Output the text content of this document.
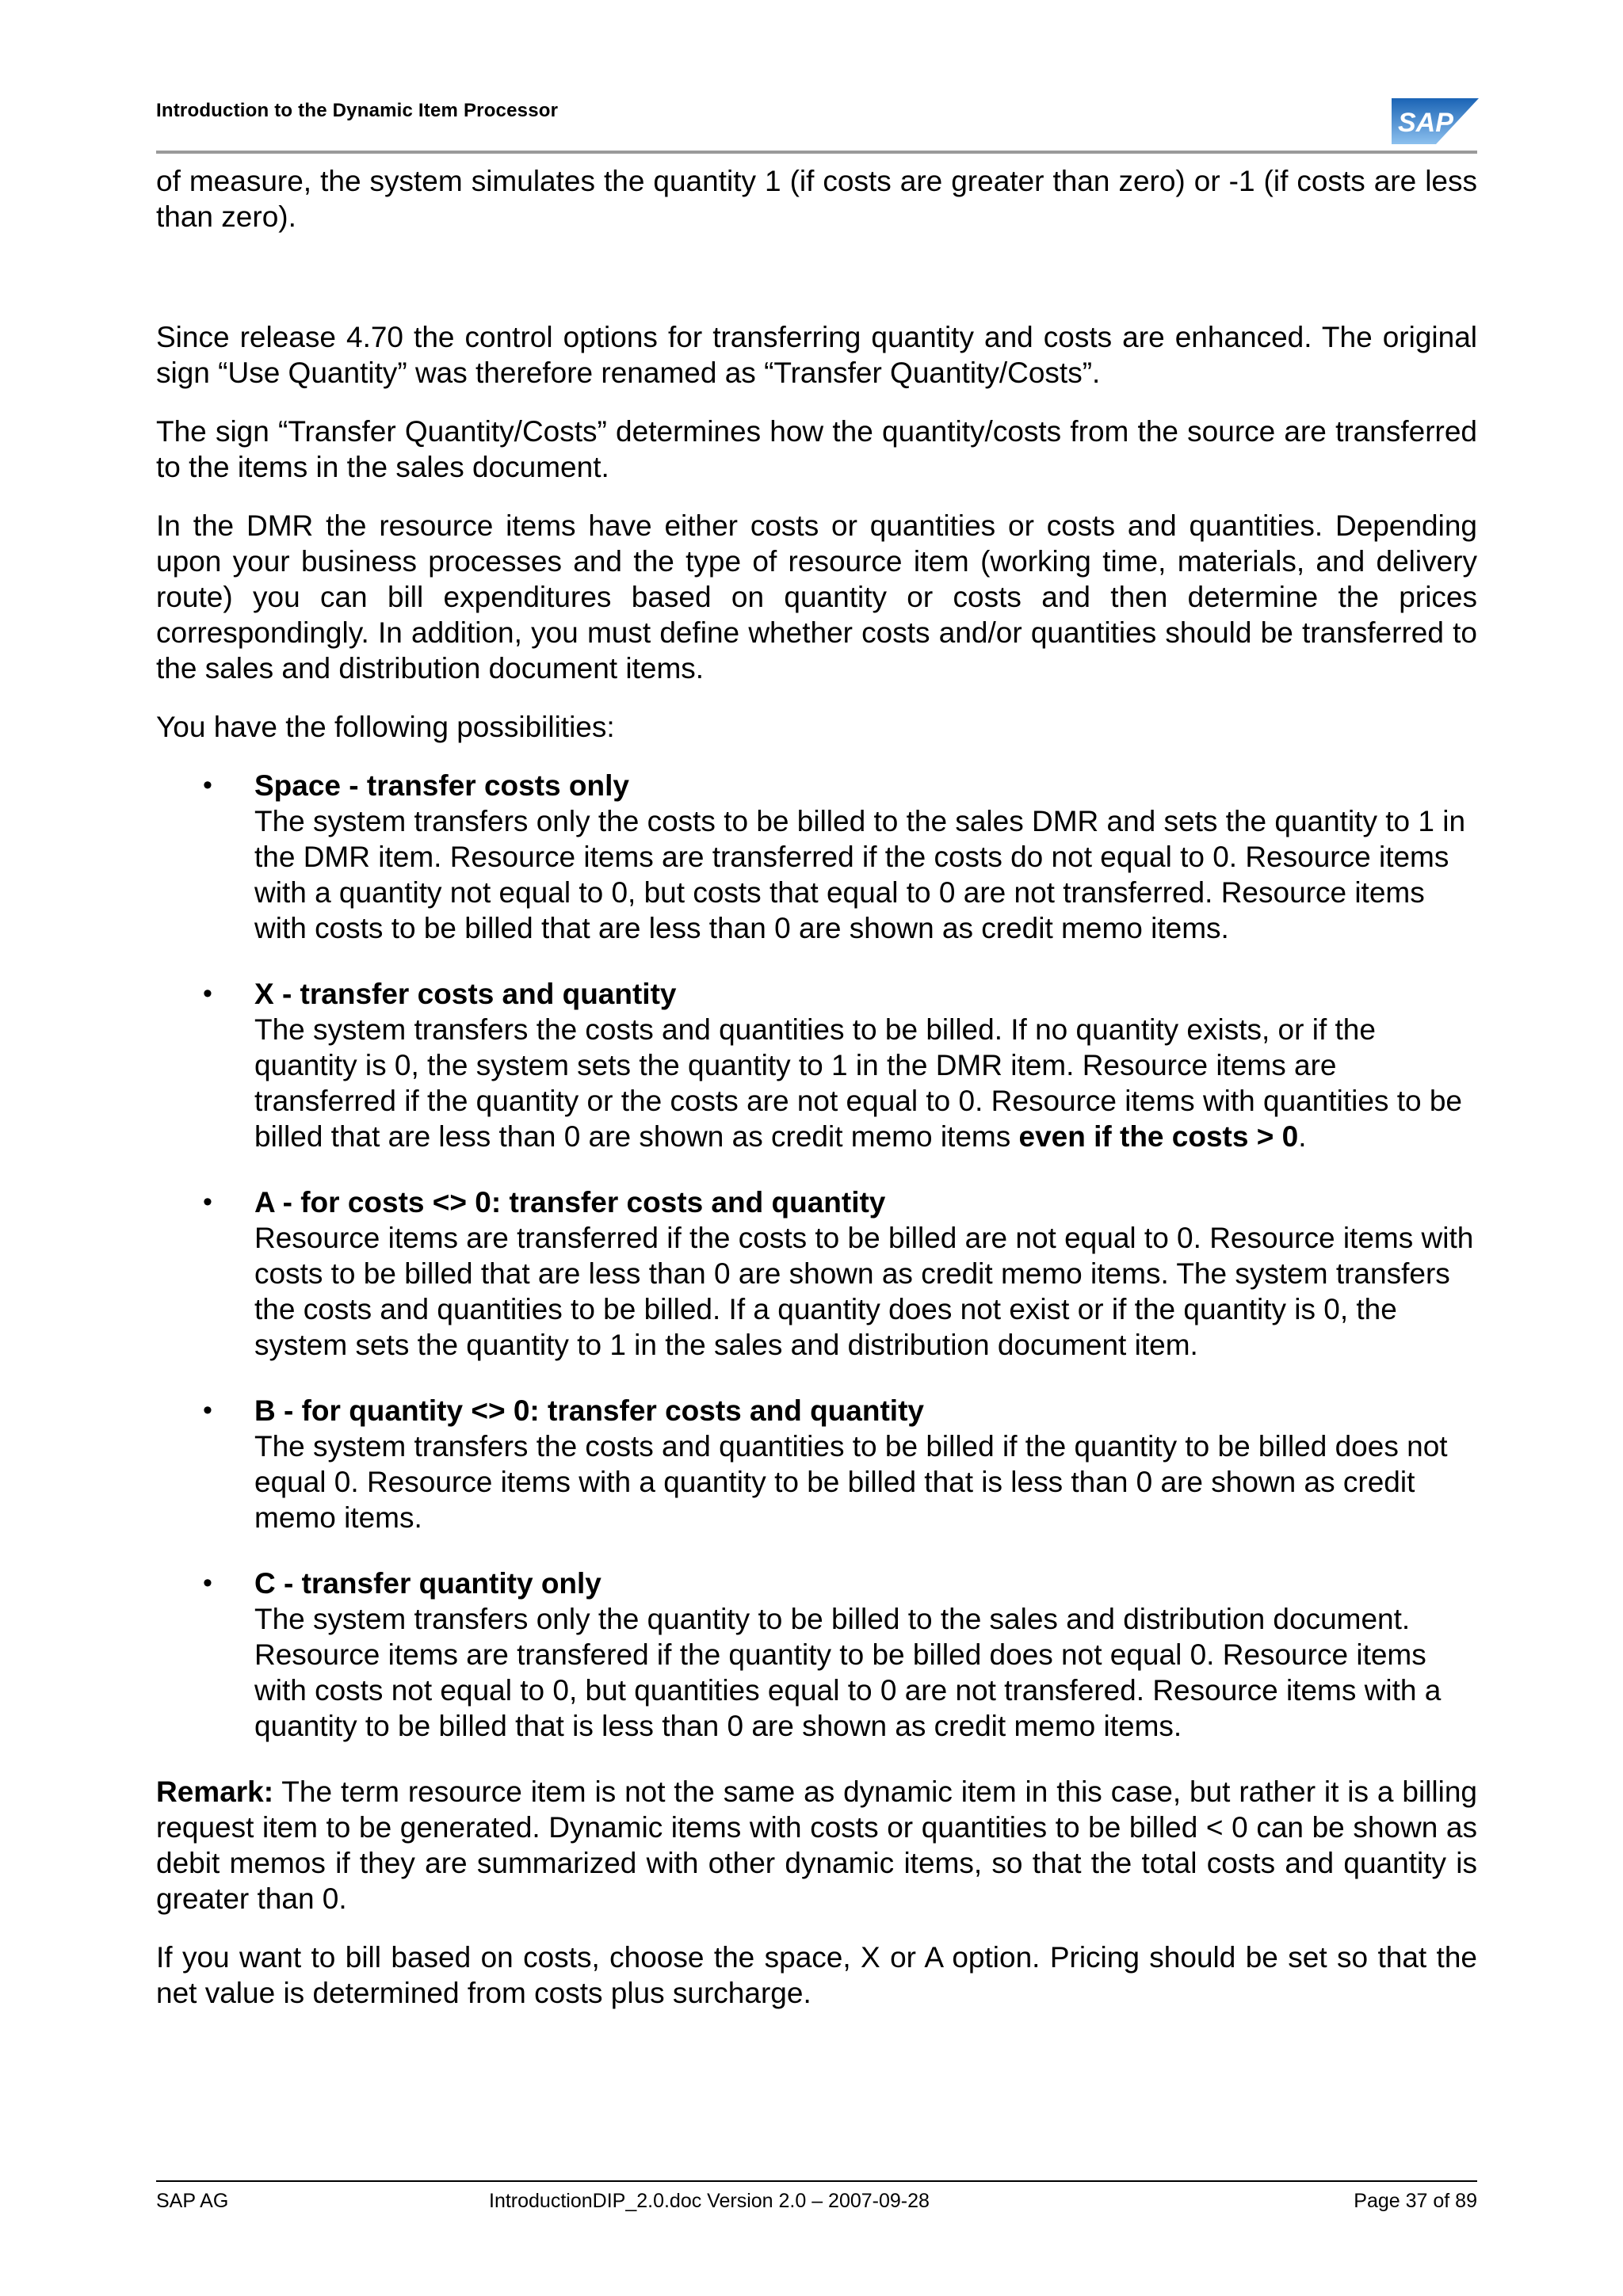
Introduction to the Dynamic Item Processor	SAP

of measure, the system simulates the quantity 1 (if costs are greater than zero) or -1 (if costs are less than zero).

Since release 4.70 the control options for transferring quantity and costs are enhanced. The original sign “Use Quantity” was therefore renamed as “Transfer Quantity/Costs”.

The sign “Transfer Quantity/Costs” determines how the quantity/costs from the source are transferred to the items in the sales document.

In the DMR the resource items have either costs or quantities or costs and quantities. Depending upon your business processes and the type of resource item (working time, materials, and delivery route) you can bill expenditures based on quantity or costs and then determine the prices correspondingly. In addition, you must define whether costs and/or quantities should be transferred to the sales and distribution document items.

You have the following possibilities:

• Space - transfer costs only
The system transfers only the costs to be billed to the sales DMR and sets the quantity to 1 in the DMR item. Resource items are transferred if the costs do not equal to 0. Resource items with a quantity not equal to 0, but costs that equal to 0 are not transferred. Resource items with costs to be billed that are less than 0 are shown as credit memo items.
• X - transfer costs and quantity
The system transfers the costs and quantities to be billed. If no quantity exists, or if the quantity is 0, the system sets the quantity to 1 in the DMR item. Resource items are transferred if the quantity or the costs are not equal to 0. Resource items with quantities to be billed that are less than 0 are shown as credit memo items even if the costs > 0.
• A - for costs <> 0: transfer costs and quantity
Resource items are transferred if the costs to be billed are not equal to 0. Resource items with costs to be billed that are less than 0 are shown as credit memo items. The system transfers the costs and quantities to be billed. If a quantity does not exist or if the quantity is 0, the system sets the quantity to 1 in the sales and distribution document item.
• B - for quantity <> 0: transfer costs and quantity
The system transfers the costs and quantities to be billed if the quantity to be billed does not equal 0. Resource items with a quantity to be billed that is less than 0 are shown as credit memo items.
• C - transfer quantity only
The system transfers only the quantity to be billed to the sales and distribution document. Resource items are transfered if the quantity to be billed does not equal 0. Resource items with costs not equal to 0, but quantities equal to 0 are not transfered. Resource items with a quantity to be billed that is less than 0 are shown as credit memo items.

Remark: The term resource item is not the same as dynamic item in this case, but rather it is a billing request item to be generated. Dynamic items with costs or quantities to be billed < 0 can be shown as debit memos if they are summarized with other dynamic items, so that the total costs and quantity is greater than 0.

If you want to bill based on costs, choose the space, X or A option. Pricing should be set so that the net value is determined from costs plus surcharge.

SAP AG	IntroductionDIP_2.0.doc Version 2.0 – 2007-09-28	Page 37 of 89
